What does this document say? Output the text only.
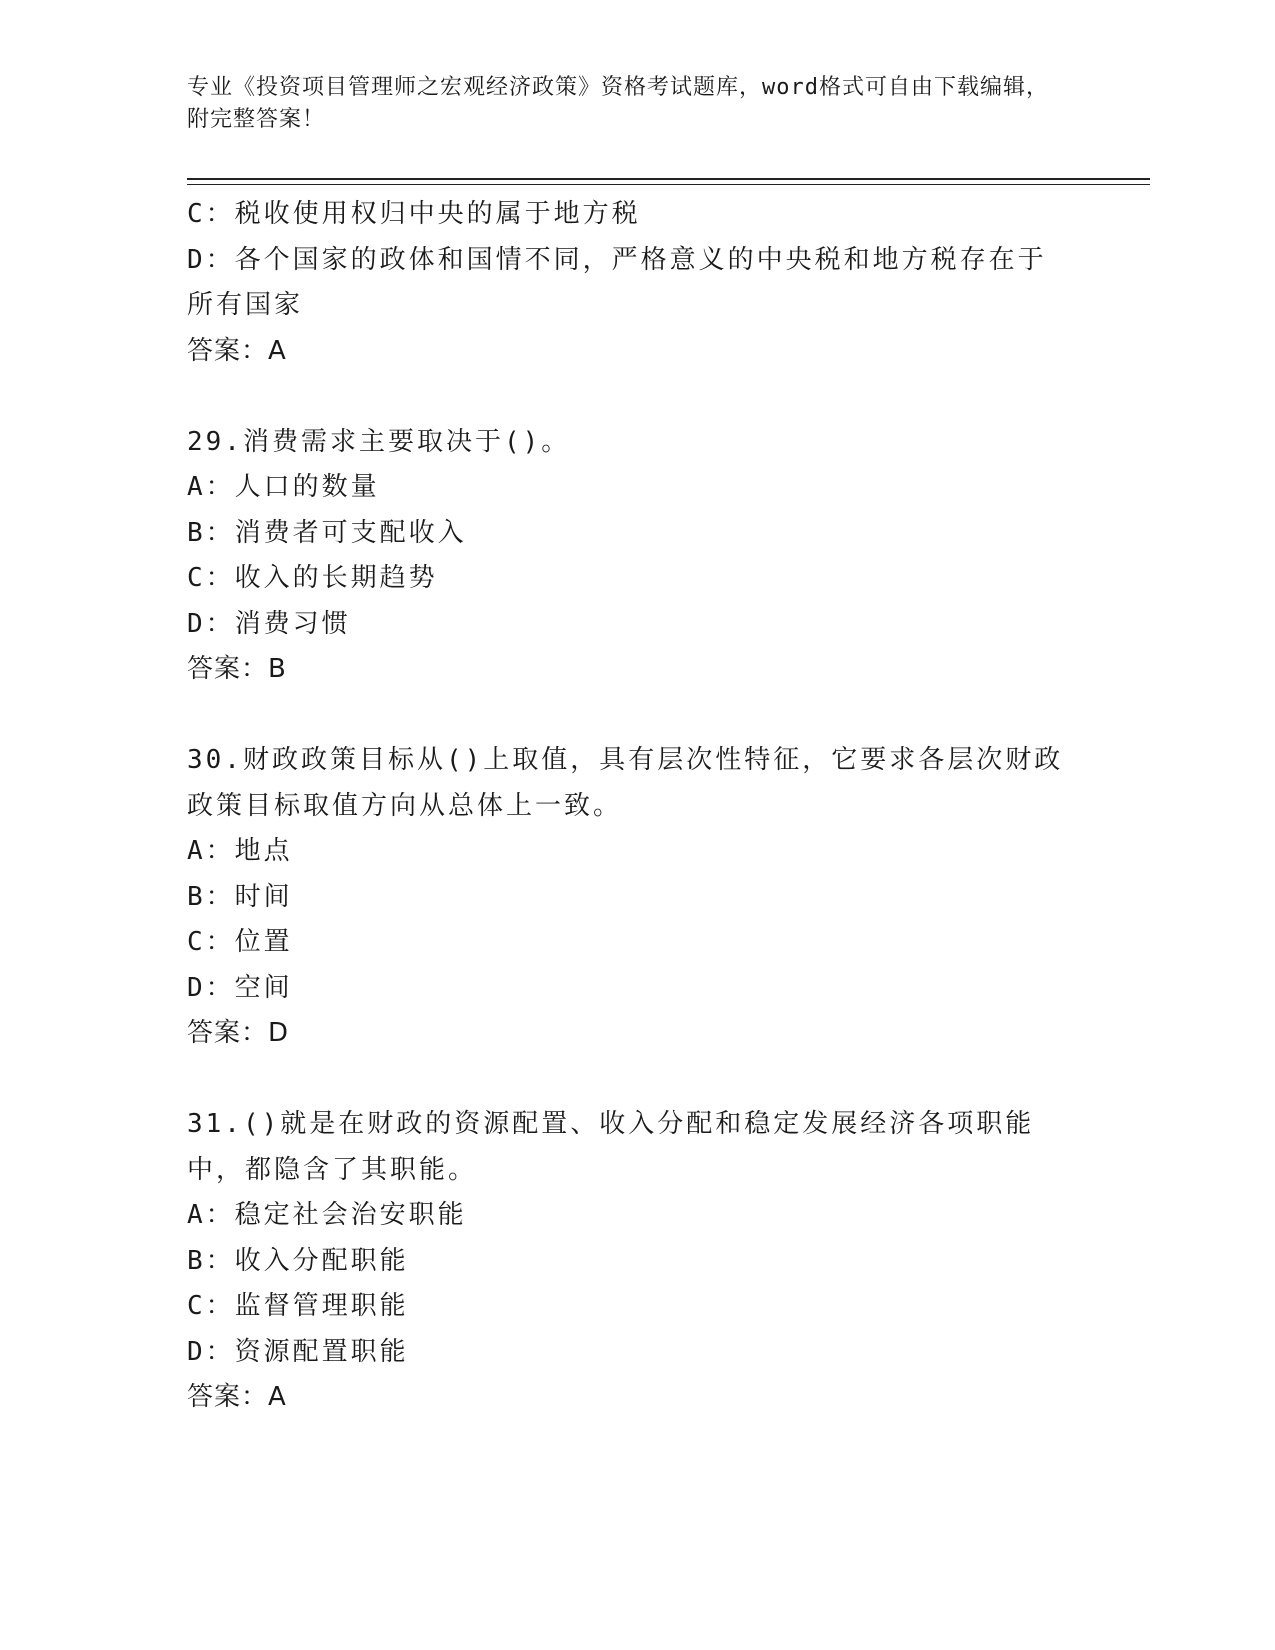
专业《投资项目管理师之宏观经济政策》资格考试题库，word格式可自由下载编辑，附完整答案！
C：税收使用权归中央的属于地方税
D：各个国家的政体和国情不同，严格意义的中央税和地方税存在于所有国家
答案：A
29.消费需求主要取决于()。
A：人口的数量
B：消费者可支配收入
C：收入的长期趋势
D：消费习惯
答案：B
30.财政政策目标从()上取值，具有层次性特征，它要求各层次财政政策目标取值方向从总体上一致。
A：地点
B：时间
C：位置
D：空间
答案：D
31.()就是在财政的资源配置、收入分配和稳定发展经济各项职能中，都隐含了其职能。
A：稳定社会治安职能
B：收入分配职能
C：监督管理职能
D：资源配置职能
答案：A
